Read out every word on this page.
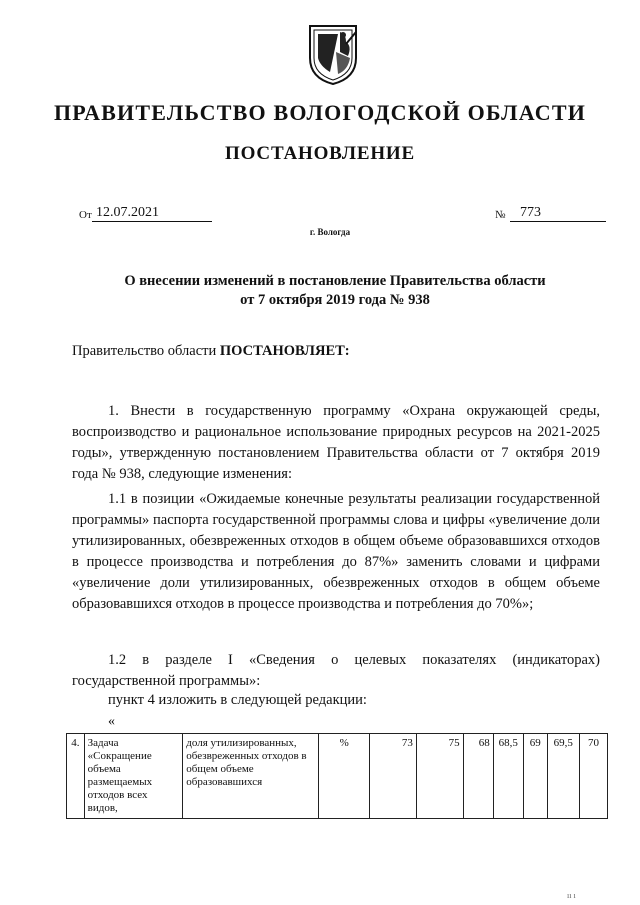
ПРАВИТЕЛЬСТВО ВОЛОГОДСКОЙ ОБЛАСТИ
ПОСТАНОВЛЕНИЕ
От 12.07.2021	№	773
г. Вологда
О внесении изменений в постановление Правительства области
от 7 октября 2019 года № 938
Правительство области ПОСТАНОВЛЯЕТ:
1. Внести в государственную программу «Охрана окружающей среды, воспроизводство и рациональное использование природных ресурсов на 2021-2025 годы», утвержденную постановлением Правительства области от 7 октября 2019 года № 938, следующие изменения:
1.1 в позиции «Ожидаемые конечные результаты реализации государственной программы» паспорта государственной программы слова и цифры «увеличение доли утилизированных, обезвреженных отходов в общем объеме образовавшихся отходов в процессе производства и потребления до 87%» заменить словами и цифрами «увеличение доли утилизированных, обезвреженных отходов в общем объеме образовавшихся отходов в процессе производства и потребления до 70%»;
1.2 в разделе I «Сведения о целевых показателях (индикаторах) государственной программы»:
пункт 4 изложить в следующей редакции:
«
4.	Задача «Сокращение объема размещаемых отходов всех видов,	доля утилизированных, обезвреженных отходов в общем объеме образовавшихся	%	73	75	68	68,5	69	69,5	70
ıı ı
